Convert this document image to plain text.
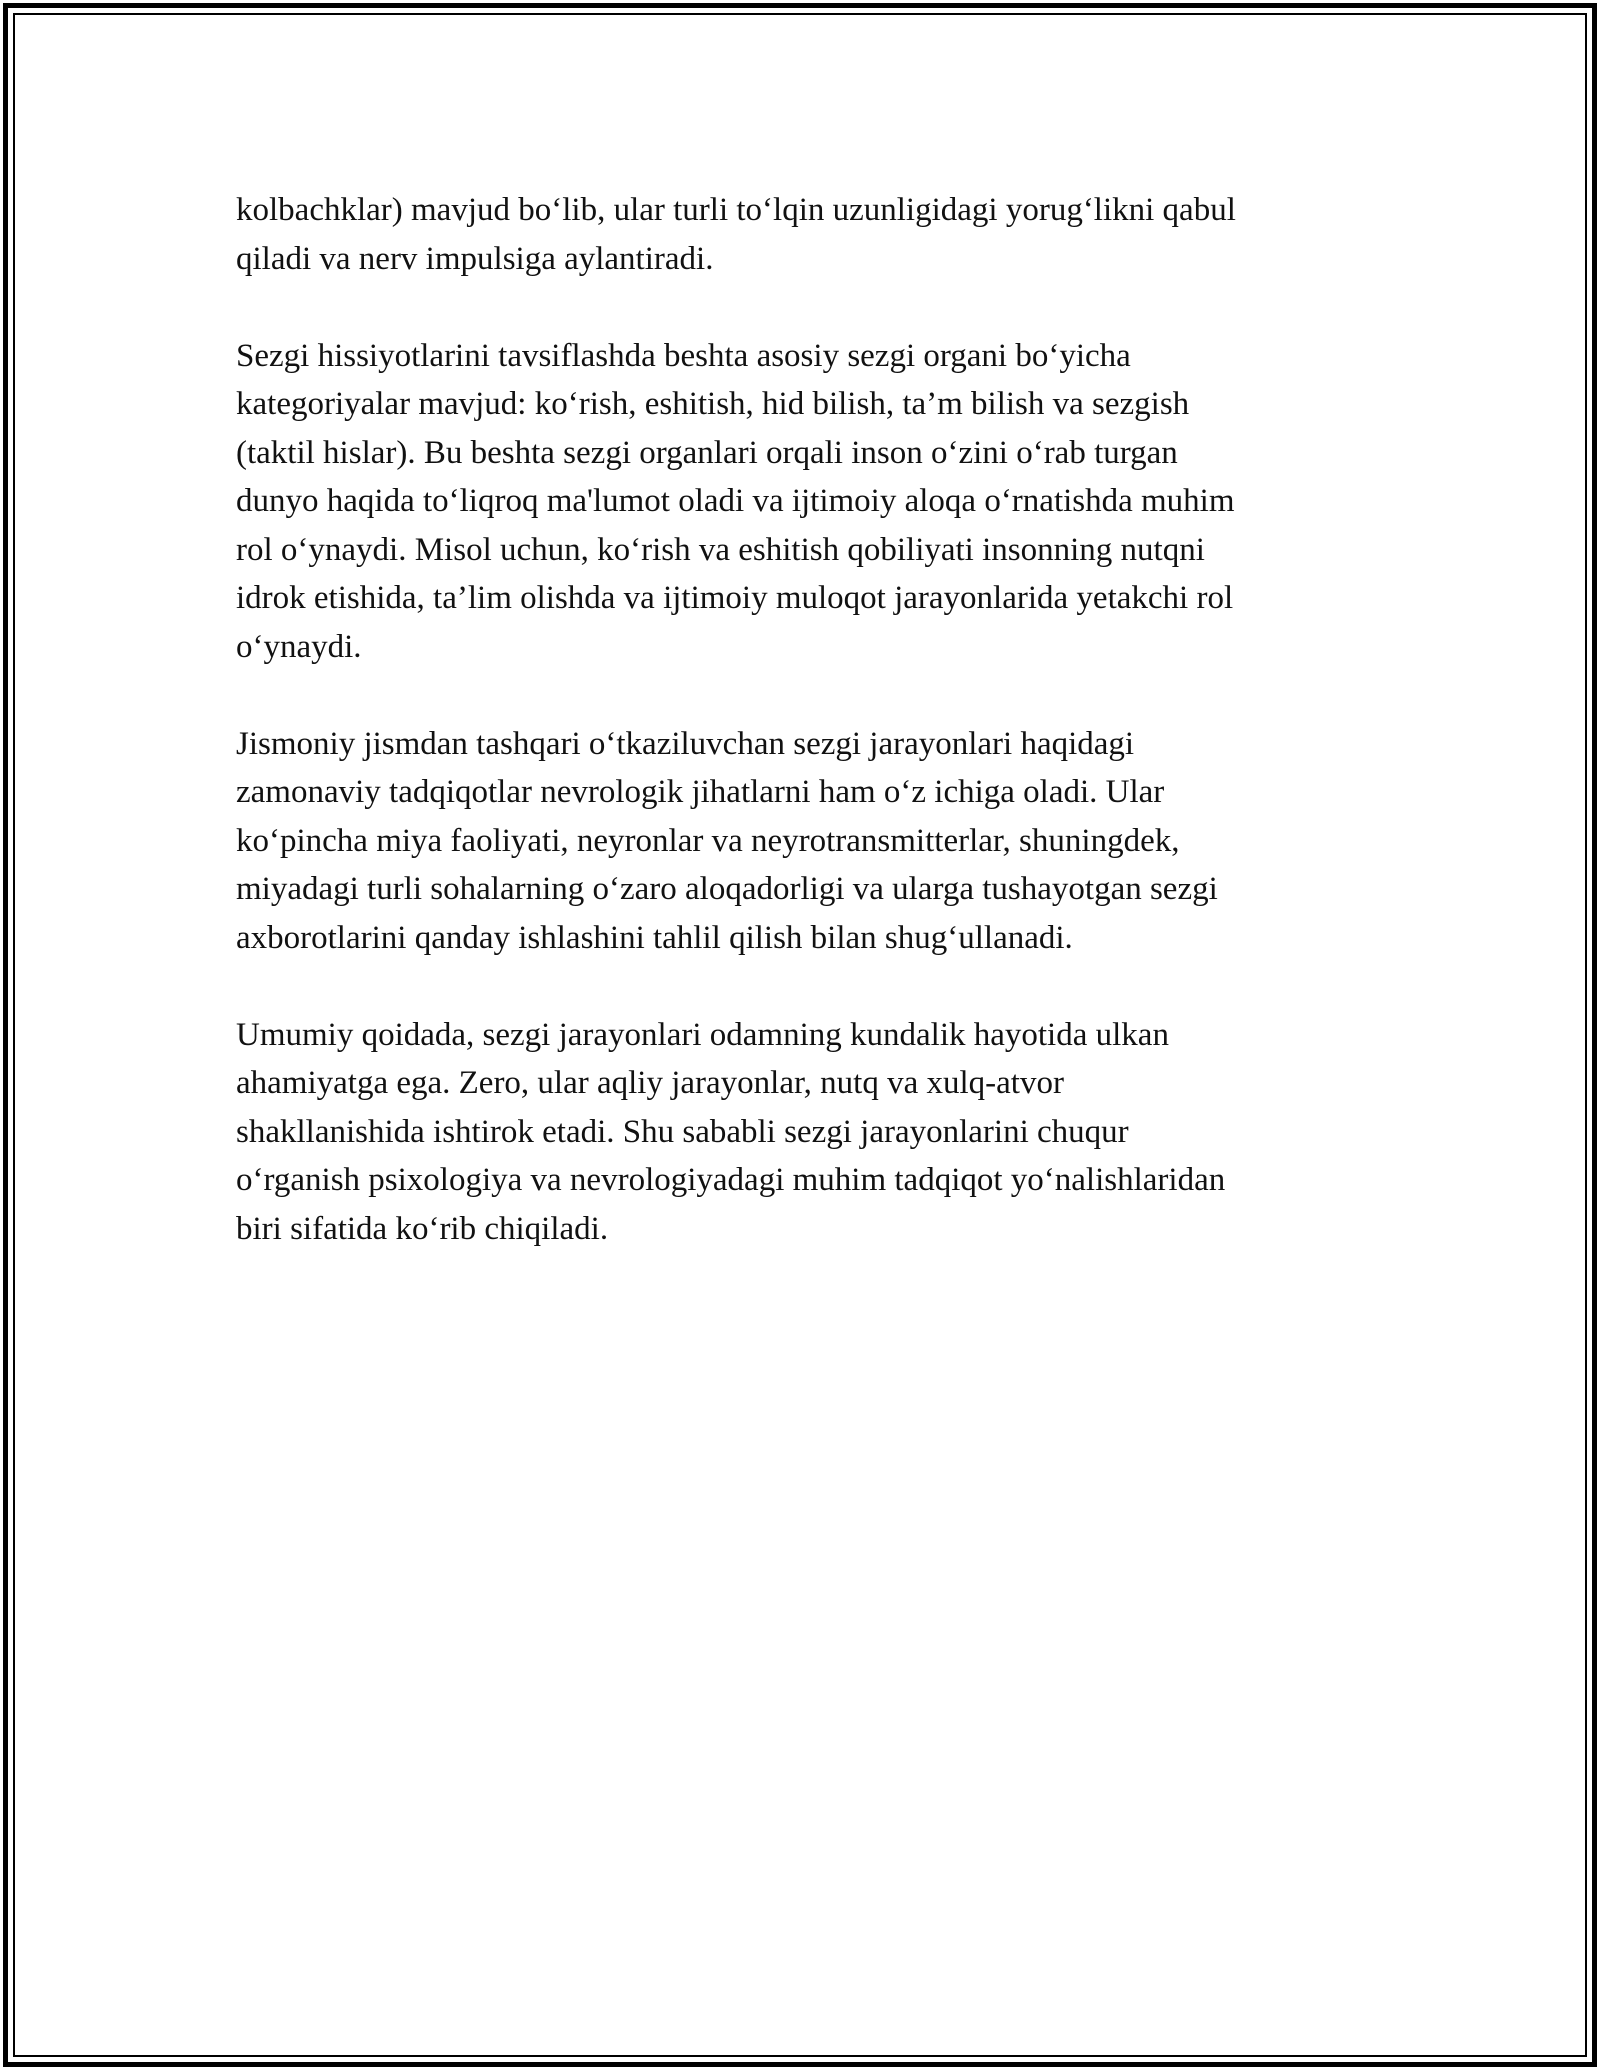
kolbachklar) mavjud bo‘lib, ular turli to‘lqin uzunligidagi yorug‘likni qabul
qiladi va nerv impulsiga aylantiradi.

Sezgi hissiyotlarini tavsiflashda beshta asosiy sezgi organi bo‘yicha
kategoriyalar mavjud: ko‘rish, eshitish, hid bilish, ta’m bilish va sezgish
(taktil hislar). Bu beshta sezgi organlari orqali inson o‘zini o‘rab turgan
dunyo haqida to‘liqroq ma'lumot oladi va ijtimoiy aloqa o‘rnatishda muhim
rol o‘ynaydi. Misol uchun, ko‘rish va eshitish qobiliyati insonning nutqni
idrok etishida, ta’lim olishda va ijtimoiy muloqot jarayonlarida yetakchi rol
o‘ynaydi.

Jismoniy jismdan tashqari o‘tkaziluvchan sezgi jarayonlari haqidagi
zamonaviy tadqiqotlar nevrologik jihatlarni ham o‘z ichiga oladi. Ular
ko‘pincha miya faoliyati, neyronlar va neyrotransmitterlar, shuningdek,
miyadagi turli sohalarning o‘zaro aloqadorligi va ularga tushayotgan sezgi
axborotlarini qanday ishlashini tahlil qilish bilan shug‘ullanadi.

Umumiy qoidada, sezgi jarayonlari odamning kundalik hayotida ulkan
ahamiyatga ega. Zero, ular aqliy jarayonlar, nutq va xulq-atvor
shakllanishida ishtirok etadi. Shu sababli sezgi jarayonlarini chuqur
o‘rganish psixologiya va nevrologiyadagi muhim tadqiqot yo‘nalishlaridan
biri sifatida ko‘rib chiqiladi.
